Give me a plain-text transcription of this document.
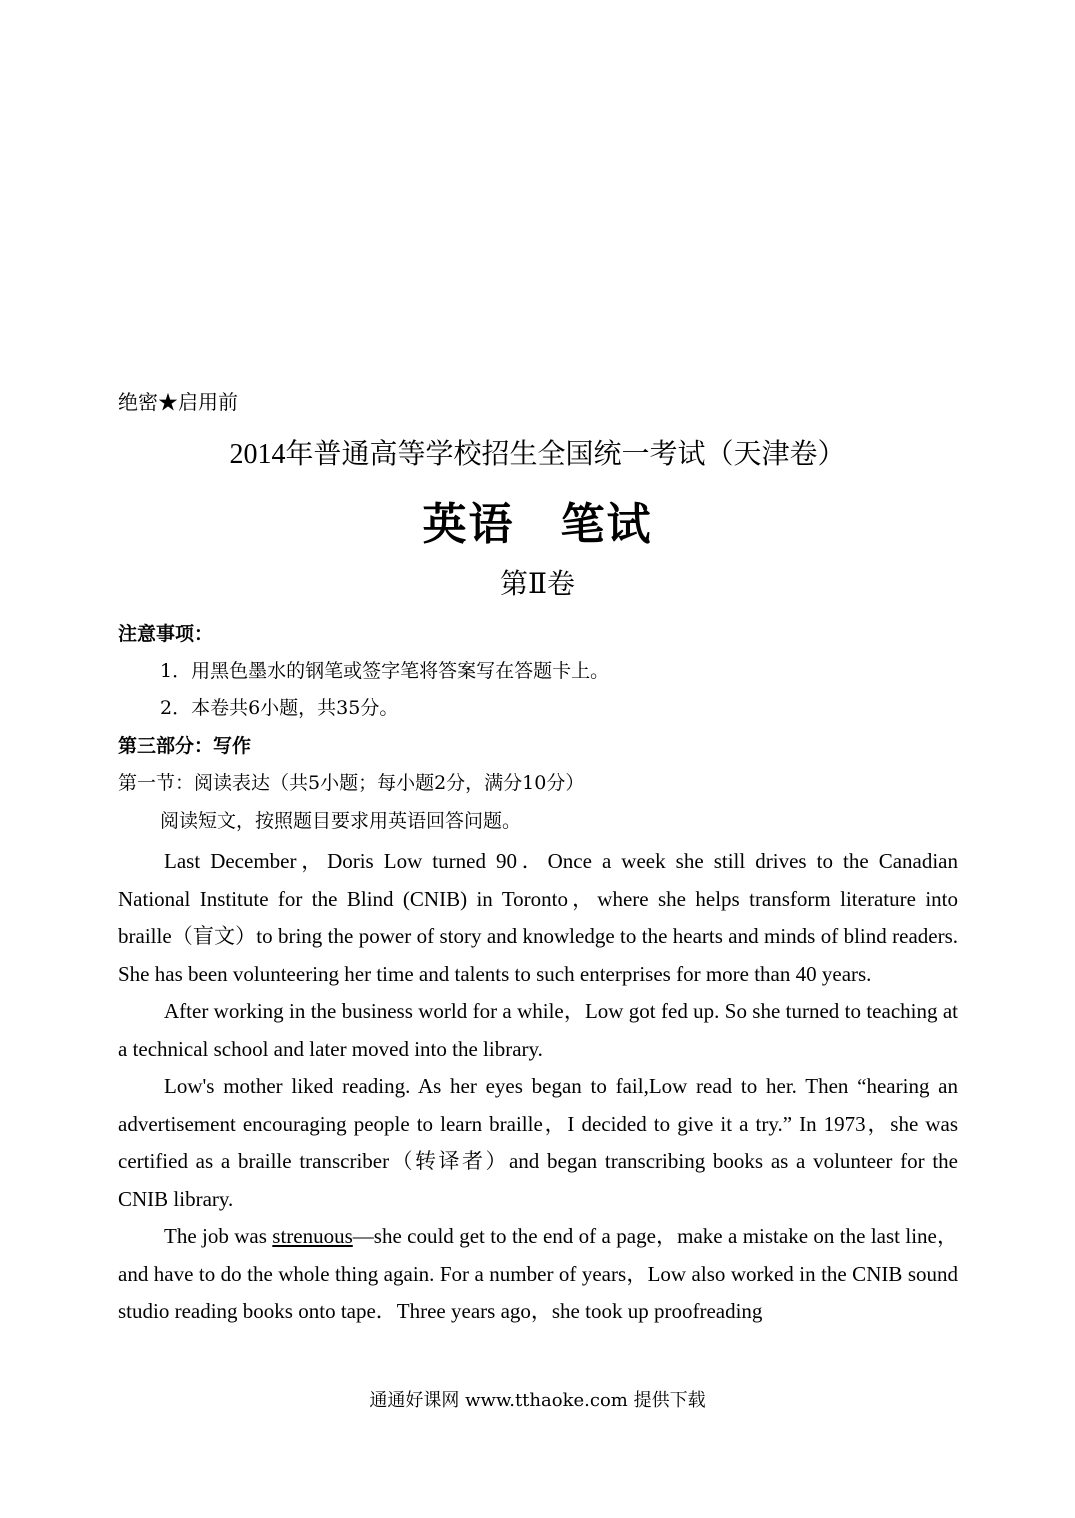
绝密★启用前
2014年普通高等学校招生全国统一考试（天津卷）
英语　笔试
第Ⅱ卷
注意事项：
1．用黑色墨水的钢笔或签字笔将答案写在答题卡上。
2．本卷共6小题，共35分。
第三部分：写作
第一节：阅读表达（共5小题；每小题2分，满分10分）
阅读短文，按照题目要求用英语回答问题。

Last December，Doris Low turned 90．Once a week she still drives to the Canadian National Institute for the Blind (CNIB) in Toronto，where she helps transform literature into braille（盲文）to bring the power of story and knowledge to the hearts and minds of blind readers. She has been volunteering her time and talents to such enterprises for more than 40 years.

After working in the business world for a while，Low got fed up. So she turned to teaching at a technical school and later moved into the library.

Low's mother liked reading. As her eyes began to fail,Low read to her. Then “hearing an advertisement encouraging people to learn braille，I decided to give it a try.” In 1973，she was certified as a braille transcriber（转译者）and began transcribing books as a volunteer for the CNIB library.

The job was strenuous—she could get to the end of a page，make a mistake on the last line，and have to do the whole thing again. For a number of years，Low also worked in the CNIB sound studio reading books onto tape．Three years ago，she took up proofreading

通通好课网 www.tthaoke.com 提供下载
